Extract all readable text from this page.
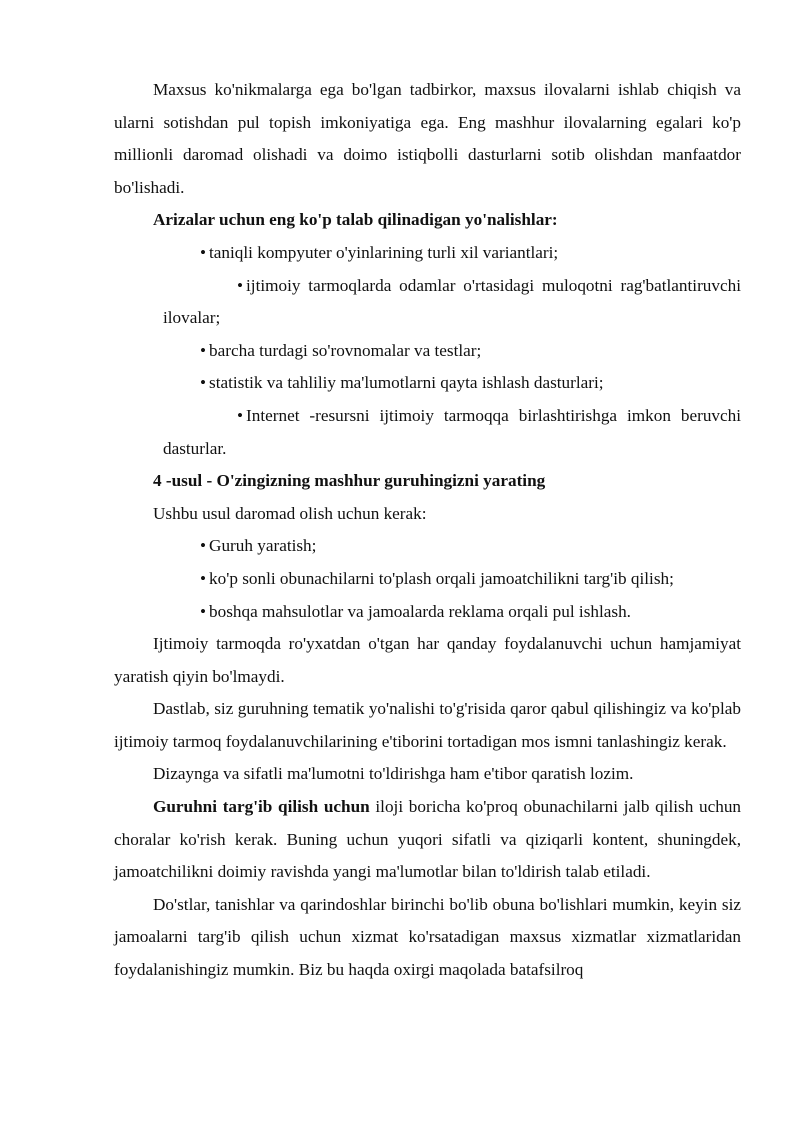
Maxsus ko'nikmalarga ega bo'lgan tadbirkor, maxsus ilovalarni ishlab chiqish va ularni sotishdan pul topish imkoniyatiga ega. Eng mashhur ilovalarning egalari ko'p millionli daromad olishadi va doimo istiqbolli dasturlarni sotib olishdan manfaatdor bo'lishadi.

Arizalar uchun eng ko'p talab qilinadigan yo'nalishlar:

• taniqli kompyuter o'yinlarining turli xil variantlari;

• ijtimoiy tarmoqlarda odamlar o'rtasidagi muloqotni rag'batlantiruvchi ilovalar;

• barcha turdagi so'rovnomalar va testlar;

• statistik va tahliliy ma'lumotlarni qayta ishlash dasturlari;

• Internet -resursni ijtimoiy tarmoqqa birlashtirishga imkon beruvchi dasturlar.

4 -usul - O'zingizning mashhur guruhingizni yarating

Ushbu usul daromad olish uchun kerak:

• Guruh yaratish;

• ko'p sonli obunachilarni to'plash orqali jamoatchilikni targ'ib qilish;

• boshqa mahsulotlar va jamoalarda reklama orqali pul ishlash.

Ijtimoiy tarmoqda ro'yxatdan o'tgan har qanday foydalanuvchi uchun hamjamiyat yaratish qiyin bo'lmaydi.

Dastlab, siz guruhning tematik yo'nalishi to'g'risida qaror qabul qilishingiz va ko'plab ijtimoiy tarmoq foydalanuvchilarining e'tiborini tortadigan mos ismni tanlashingiz kerak.

Dizaynga va sifatli ma'lumotni to'ldirishga ham e'tibor qaratish lozim.

Guruhni targ'ib qilish uchun iloji boricha ko'proq obunachilarni jalb qilish uchun choralar ko'rish kerak. Buning uchun yuqori sifatli va qiziqarli kontent, shuningdek, jamoatchilikni doimiy ravishda yangi ma'lumotlar bilan to'ldirish talab etiladi.

Do'stlar, tanishlar va qarindoshlar birinchi bo'lib obuna bo'lishlari mumkin, keyin siz jamoalarni targ'ib qilish uchun xizmat ko'rsatadigan maxsus xizmatlar xizmatlaridan foydalanishingiz mumkin. Biz bu haqda oxirgi maqolada batafsilroq
